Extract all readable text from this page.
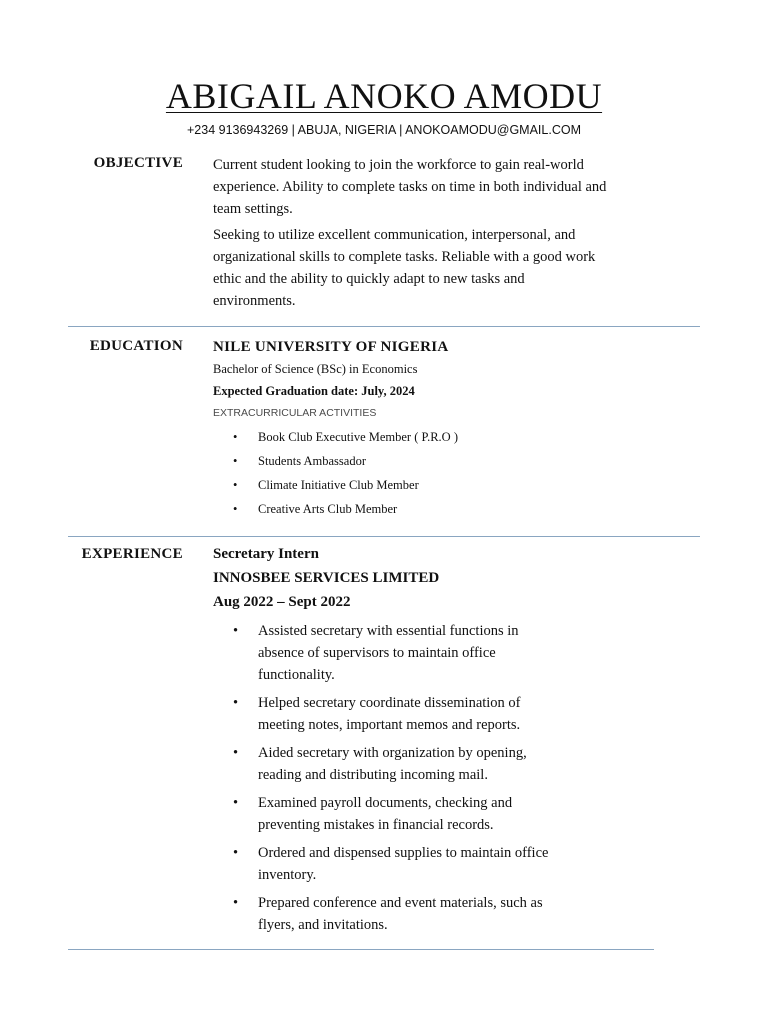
ABIGAIL ANOKO AMODU
+234 9136943269 | ABUJA, NIGERIA | ANOKOAMODU@GMAIL.COM
OBJECTIVE Current student looking to join the workforce to gain real-world experience. Ability to complete tasks on time in both individual and team settings.

Seeking to utilize excellent communication, interpersonal, and organizational skills to complete tasks. Reliable with a good work ethic and the ability to quickly adapt to new tasks and environments.

EDUCATION NILE UNIVERSITY OF NIGERIA
Bachelor of Science (BSc) in Economics
Expected Graduation date: July, 2024
EXTRACURRICULAR ACTIVITIES
• Book Club Executive Member ( P.R.O )
• Students Ambassador
• Climate Initiative Club Member
• Creative Arts Club Member
EXPERIENCE Secretary Intern
INNOSBEE SERVICES LIMITED
Aug 2022 – Sept 2022
• Assisted secretary with essential functions in absence of supervisors to maintain office functionality.
• Helped secretary coordinate dissemination of meeting notes, important memos and reports.
• Aided secretary with organization by opening, reading and distributing incoming mail.
• Examined payroll documents, checking and preventing mistakes in financial records.
• Ordered and dispensed supplies to maintain office inventory.
• Prepared conference and event materials, such as flyers, and invitations.
